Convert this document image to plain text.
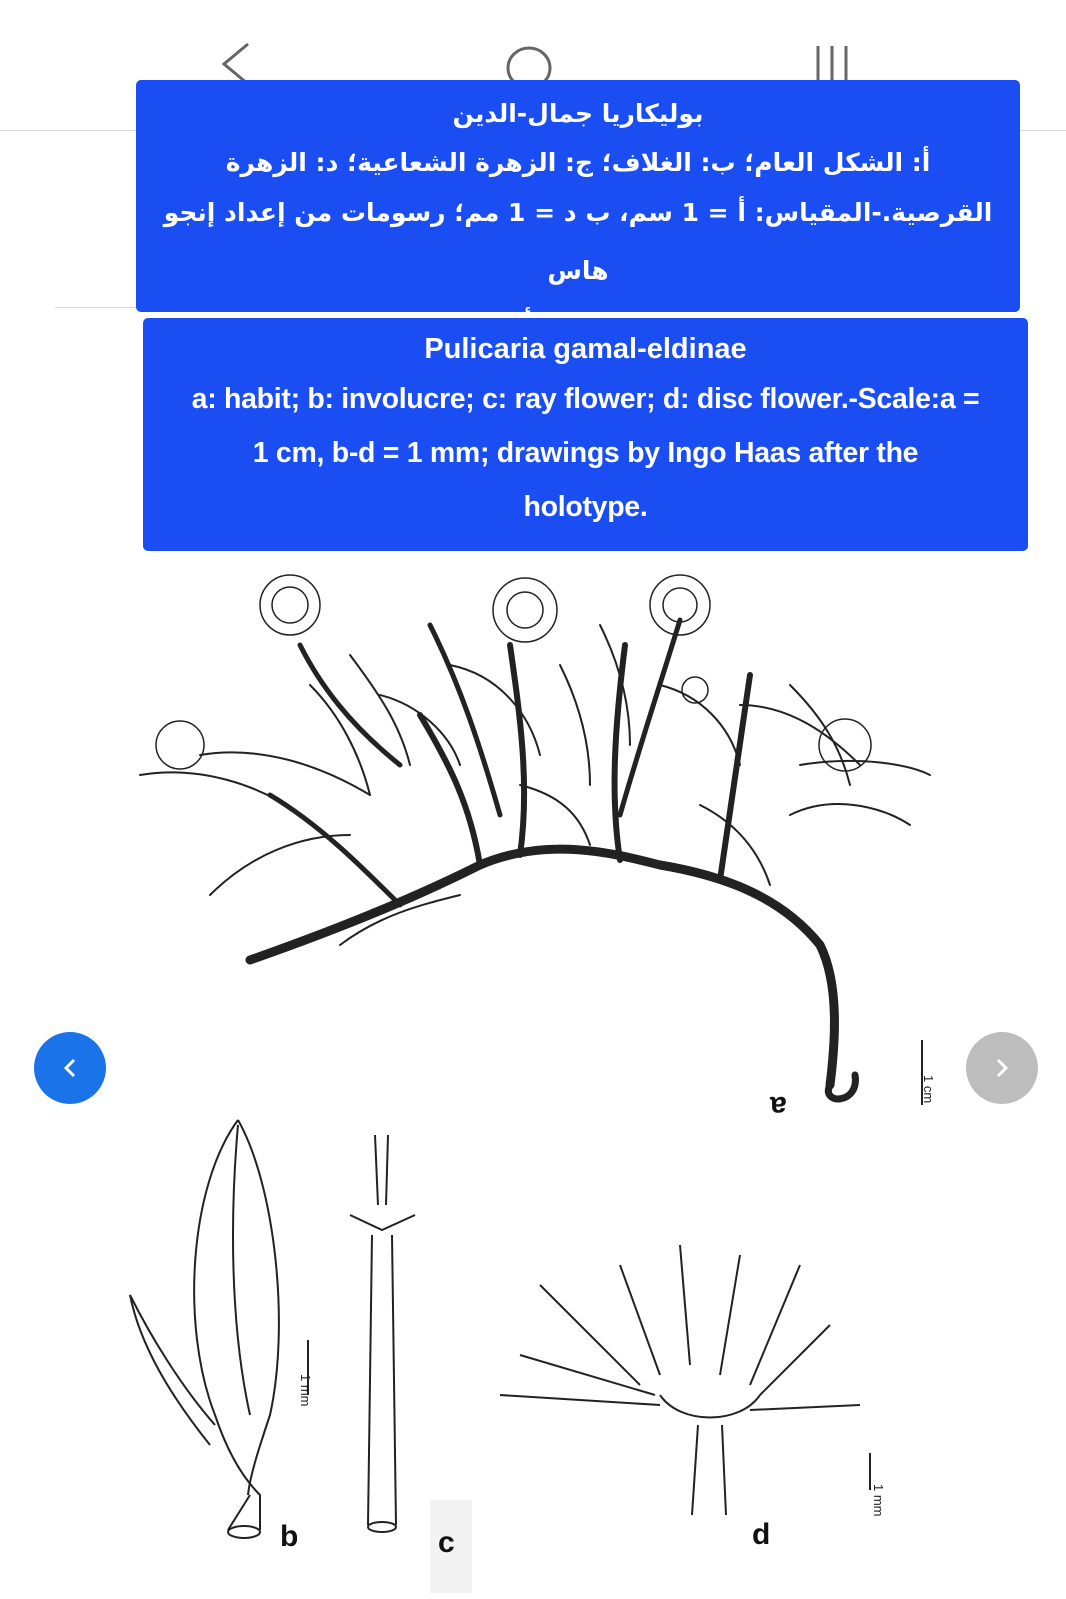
بوليكاريا جمال-الدين
أ: الشكل العام؛ ب: الغلاف؛ ج: الزهرة الشعاعية؛ د: الزهرة
القرصية.-المقياس: أ = 1 سم، ب د = 1 مم؛ رسومات من إعداد إنجو هاس
Pulicaria gamal-eldinae
a: habit; b: involucre; c: ray flower; d: disc flower.-Scale:a =
1 cm, b-d = 1 mm; drawings by Ingo Haas after the
holotype.
a
b	c	d
1 cm
1 mm
1 mm
